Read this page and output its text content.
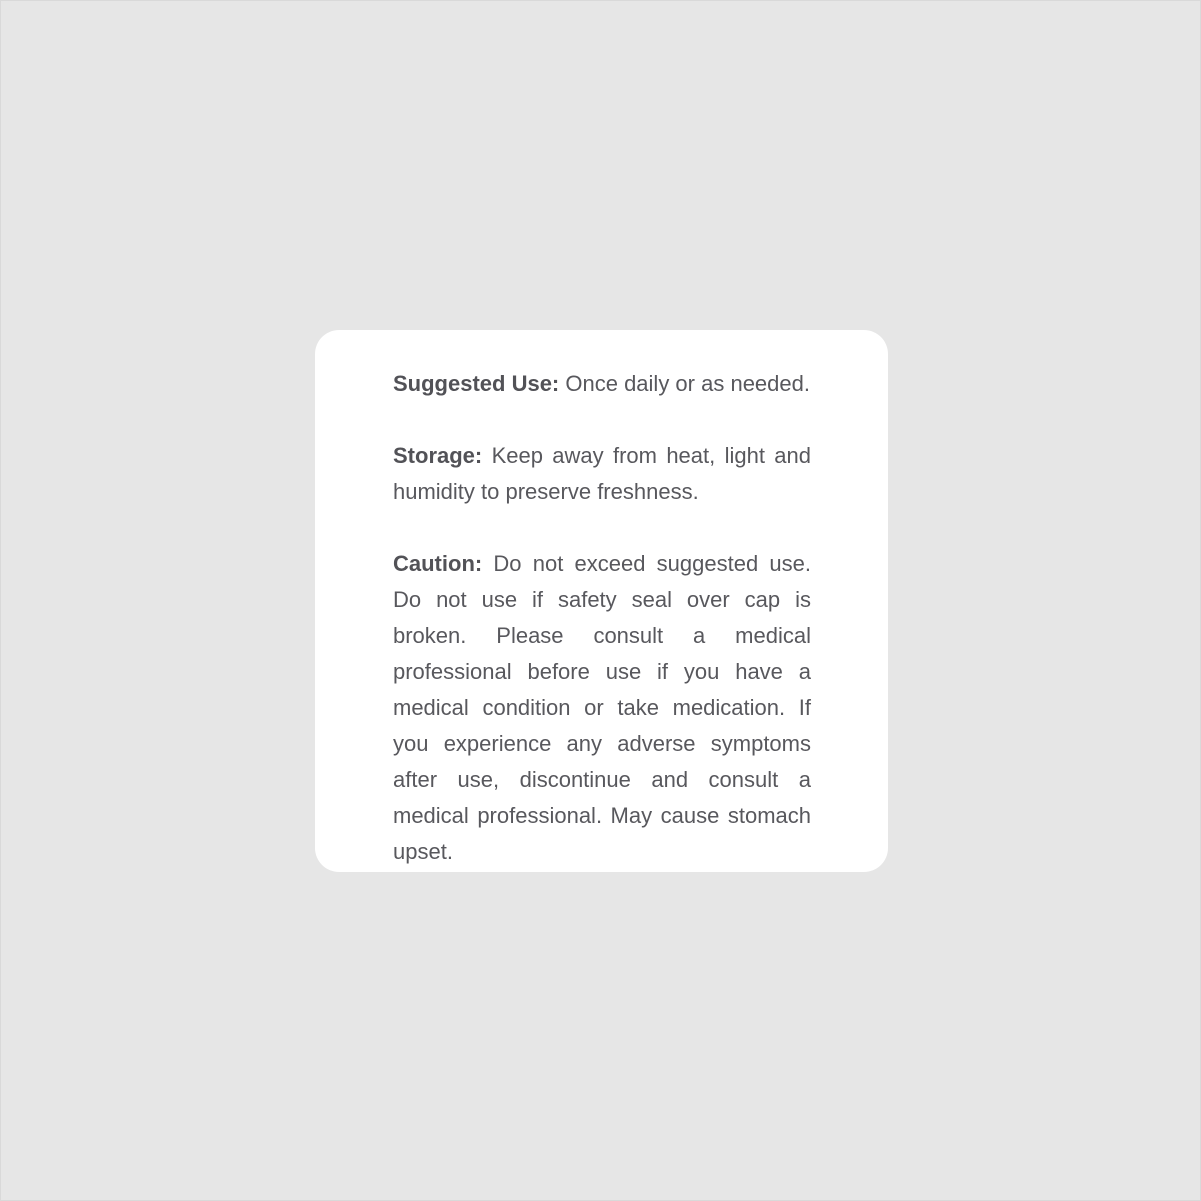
Suggested Use: Once daily or as needed.

Storage: Keep away from heat, light and humidity to preserve freshness.

Caution: Do not exceed suggested use. Do not use if safety seal over cap is broken. Please consult a medical professional before use if you have a medical condition or take medication. If you experience any adverse symptoms after use, discontinue and consult a medical professional. May cause stomach upset.
